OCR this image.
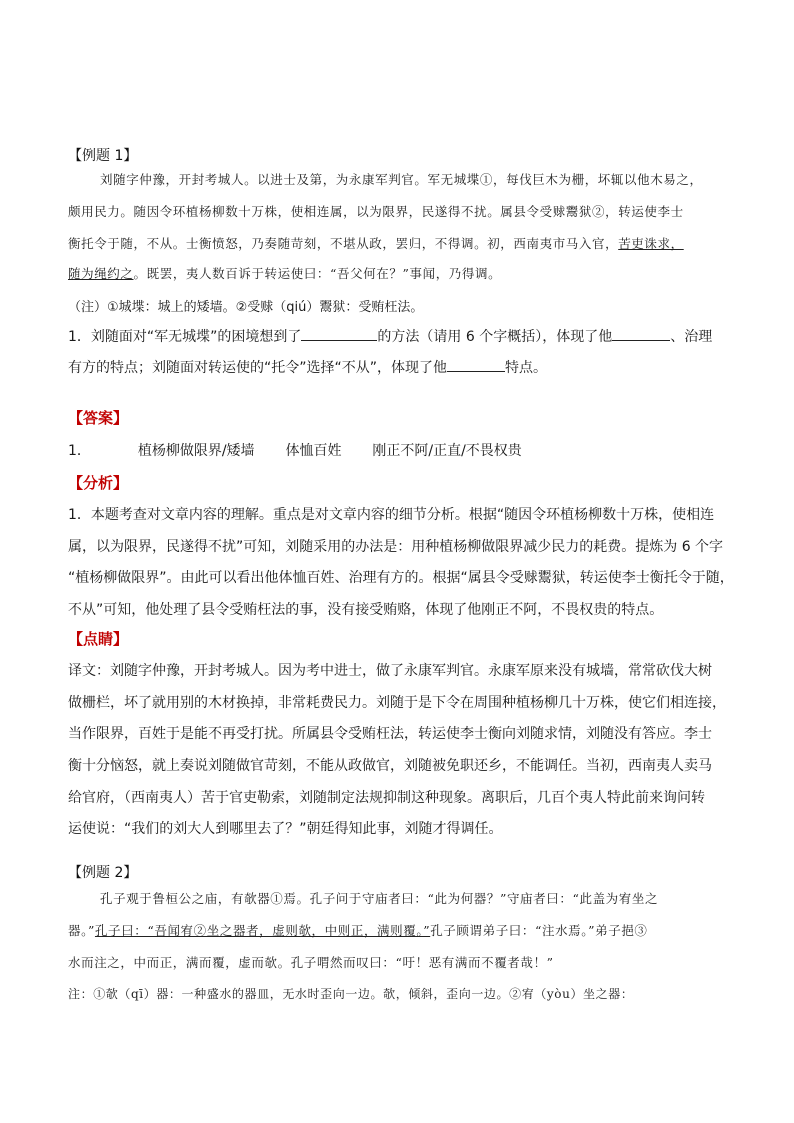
【例题 1】
刘随字仲豫，开封考城人。以进士及第，为永康军判官。军无城堞①，每伐巨木为栅，坏辄以他木易之，
颇用民力。随因令环植杨柳数十万株，使相连属，以为限界，民遂得不扰。属县令受赇鬻狱②，转运使李士
衡托令于随，不从。士衡愤怒，乃奏随苛刻，不堪从政，罢归，不得调。初，西南夷市马入官，苦吏诛求，
随为绳约之。既罢，夷人数百诉于转运使曰：“吾父何在？”事闻，乃得调。
（注）①城堞：城上的矮墙。②受赇（qiú）鬻狱：受贿枉法。
1．刘随面对“军无城堞”的困境想到了	的方法（请用 6 个字概括），体现了他	、治理
有方的特点；刘随面对转运使的“托令”选择“不从”，体现了他	特点。
【答案】
1．	植杨柳做限界/矮墙 体恤百姓 刚正不阿/正直/不畏权贵
【分析】
1．本题考查对文章内容的理解。重点是对文章内容的细节分析。根据“随因令环植杨柳数十万株，使相连
属，以为限界，民遂得不扰”可知，刘随采用的办法是：用种植杨柳做限界减少民力的耗费。提炼为 6 个字
“植杨柳做限界”。由此可以看出他体恤百姓、治理有方的。根据“属县令受赇鬻狱，转运使李士衡托令于随，
不从”可知，他处理了县令受贿枉法的事，没有接受贿赂，体现了他刚正不阿，不畏权贵的特点。
【点睛】
译文：刘随字仲豫，开封考城人。因为考中进士，做了永康军判官。永康军原来没有城墙，常常砍伐大树
做栅栏，坏了就用别的木材换掉，非常耗费民力。刘随于是下令在周围种植杨柳几十万株，使它们相连接，
当作限界，百姓于是能不再受打扰。所属县令受贿枉法，转运使李士衡向刘随求情，刘随没有答应。李士
衡十分恼怒，就上奏说刘随做官苛刻，不能从政做官，刘随被免职还乡，不能调任。当初，西南夷人卖马
给官府，（西南夷人）苦于官吏勒索，刘随制定法规抑制这种现象。离职后，几百个夷人特此前来询问转
运使说：“我们的刘大人到哪里去了？”朝廷得知此事，刘随才得调任。
【例题 2】
孔子观于鲁桓公之庙，有欹器①焉。孔子问于守庙者曰：“此为何器？”守庙者曰：“此盖为宥坐之
器。”孔子曰：“吾闻宥②坐之器者，虚则欹，中则正，满则覆。”孔子顾谓弟子曰：“注水焉。”弟子挹③
水而注之，中而正，满而覆，虚而欹。孔子喟然而叹曰：“吁！恶有满而不覆者哉！”
注：①欹（qī）器：一种盛水的器皿，无水时歪向一边。欹，倾斜，歪向一边。②宥（yòu）坐之器：
